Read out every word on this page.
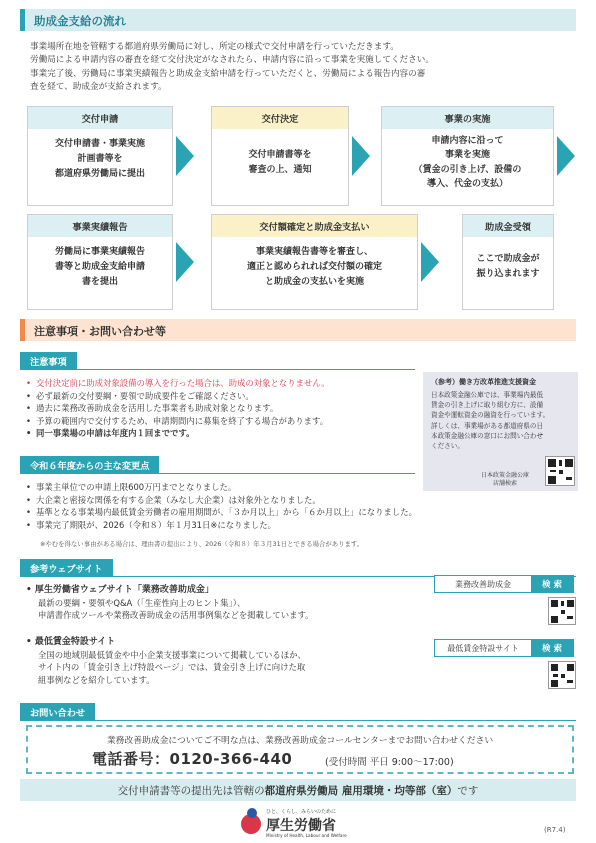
助成金支給の流れ

事業場所在地を管轄する都道府県労働局に対し、所定の様式で交付申請を行っていただきます。

労働局による申請内容の審査を経て交付決定がなされたら、申請内容に沿って事業を実施してください。

事業完了後、労働局に事業実績報告と助成金支給申請を行っていただくと、労働局による報告内容の審

査を経て、助成金が支給されます。

交付申請
交付申請書・事業実施
計画書等を
都道府県労働局に提出
交付決定
交付申請書等を
審査の上、通知
事業の実施
申請内容に沿って
事業を実施
（賃金の引き上げ、設備の
導入、代金の支払）
事業実績報告
労働局に事業実績報告
書等と助成金支給申請
書を提出
交付額確定と助成金支払い
事業実績報告書等を審査し、
適正と認められれば交付額の確定
と助成金の支払いを実施
助成金受領
ここで助成金が
振り込まれます
注意事項・お問い合わせ等
注意事項
• 交付決定前に助成対象設備の導入を行った場合は、助成の対象となりません。
• 必ず最新の交付要綱・要領で助成要件をご確認ください。
• 過去に業務改善助成金を活用した事業者も助成対象となります。
• 予算の範囲内で交付するため、申請期間内に募集を終了する場合があります。
• 同一事業場の申請は年度内１回までです。
（参考）働き方改革推進支援資金
日本政策金融公庫では、事業場内最低
賃金の引き上げに取り組む方に、設備
資金や運転資金の融資を行っています。
詳しくは、事業場がある都道府県の日
本政策金融公庫の窓口にお問い合わせ
ください。
日本政策金融公庫
店舗検索
令和６年度からの主な変更点
• 事業主単位での申請上限600万円までとなりました。
• 大企業と密接な関係を有する企業（みなし大企業）は対象外となりました。
• 基準となる事業場内最低賃金労働者の雇用期間が、「３か月以上」から「６か月以上」になりました。
• 事業完了期限が、2026（令和８）年１月31日※になりました。
※やむを得ない事由がある場合は、理由書の提出により、2026（令和８）年３月31日とできる場合があります。
参考ウェブサイト
• 厚生労働省ウェブサイト「業務改善助成金」
最新の要綱・要領やQ&A（「生産性向上のヒント集」）、
申請書作成ツールや業務改善助成金の活用事例集などを掲載しています。
業務改善助成金	検 索
• 最低賃金特設サイト
全国の地域別最低賃金や中小企業支援事業について掲載しているほか、
サイト内の「賃金引き上げ特設ページ」では、賃金引き上げに向けた取
組事例などを紹介しています。
最低賃金特設サイト	検 索
お問い合わせ
業務改善助成金についてご不明な点は、業務改善助成金コールセンターまでお問い合わせください
電話番号：0120-366-440	(受付時間 平日 9:00～17:00)
交付申請書等の提出先は管轄の都道府県労働局 雇用環境・均等部（室）です
ひと、くらし、みらいのために
厚生労働省
Ministry of Health, Labour and Welfare
(R7.4)
